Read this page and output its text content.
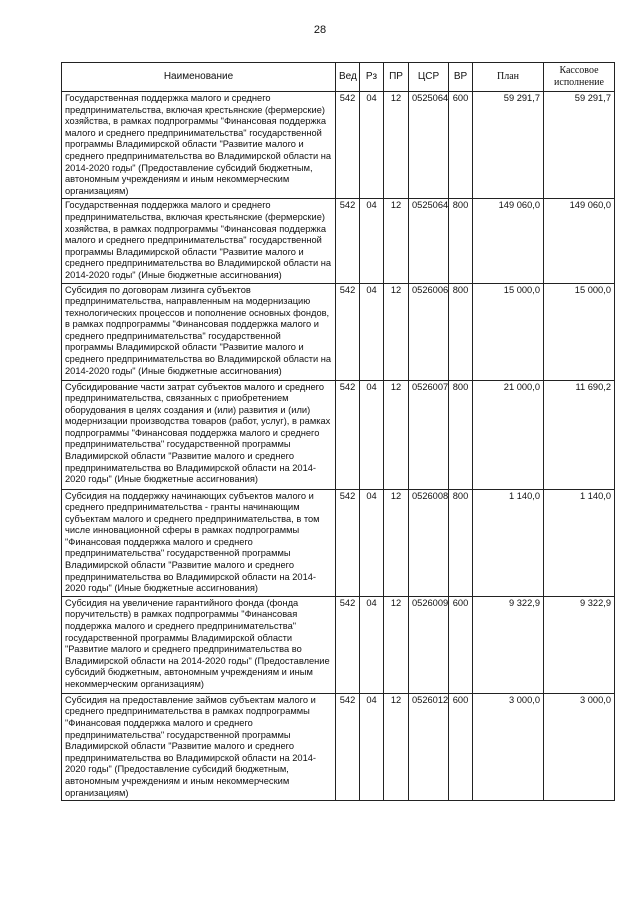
28
Наименование	Вед	Рз	ПР	ЦСР	ВР	План	Кассовое исполнение
Государственная поддержка малого и среднего предпринимательства, включая крестьянские (фермерские) хозяйства, в рамках подпрограммы "Финансовая поддержка малого и среднего предпринимательства" государственной программы Владимирской области "Развитие малого и среднего предпринимательства во Владимирской области на 2014-2020 годы" (Предоставление субсидий бюджетным, автономным учреждениям и иным некоммерческим организациям)	542	04	12	0525064	600	59 291,7	59 291,7
Государственная поддержка малого и среднего предпринимательства, включая крестьянские (фермерские) хозяйства, в рамках подпрограммы "Финансовая поддержка малого и среднего предпринимательства" государственной программы Владимирской области "Развитие малого и среднего предпринимательства во Владимирской области на 2014-2020 годы" (Иные бюджетные ассигнования)	542	04	12	0525064	800	149 060,0	149 060,0
Субсидия по договорам лизинга субъектов предпринимательства, направленным на модернизацию технологических процессов и пополнение основных фондов, в рамках подпрограммы "Финансовая поддержка малого и среднего предпринимательства" государственной программы Владимирской области "Развитие малого и среднего предпринимательства во Владимирской области на 2014-2020 годы" (Иные бюджетные ассигнования)	542	04	12	0526006	800	15 000,0	15 000,0
Субсидирование части затрат субъектов малого и среднего предпринимательства, связанных с приобретением оборудования в целях создания и (или) развития и (или) модернизации производства товаров (работ, услуг), в рамках подпрограммы "Финансовая поддержка малого и среднего предпринимательства" государственной программы Владимирской области "Развитие малого и среднего предпринимательства во Владимирской области на 2014-2020 годы" (Иные бюджетные ассигнования)	542	04	12	0526007	800	21 000,0	11 690,2
Субсидия на поддержку начинающих субъектов малого и среднего предпринимательства - гранты начинающим субъектам малого и среднего предпринимательства, в том числе инновационной сферы в рамках подпрограммы "Финансовая поддержка малого и среднего предпринимательства" государственной программы Владимирской области "Развитие малого и среднего предпринимательства во Владимирской области на 2014-2020 годы" (Иные бюджетные ассигнования)	542	04	12	0526008	800	1 140,0	1 140,0
Субсидия на увеличение гарантийного фонда (фонда поручительств) в рамках подпрограммы "Финансовая поддержка малого и среднего предпринимательства" государственной программы Владимирской области "Развитие малого и среднего предпринимательства во Владимирской области на 2014-2020 годы" (Предоставление субсидий бюджетным, автономным учреждениям и иным некоммерческим организациям)	542	04	12	0526009	600	9 322,9	9 322,9
Субсидия на предоставление займов субъектам малого и среднего предпринимательства в рамках подпрограммы "Финансовая поддержка малого и среднего предпринимательства" государственной программы Владимирской области "Развитие малого и среднего предпринимательства во Владимирской области на 2014-2020 годы" (Предоставление субсидий бюджетным, автономным учреждениям и иным некоммерческим организациям)	542	04	12	0526012	600	3 000,0	3 000,0
